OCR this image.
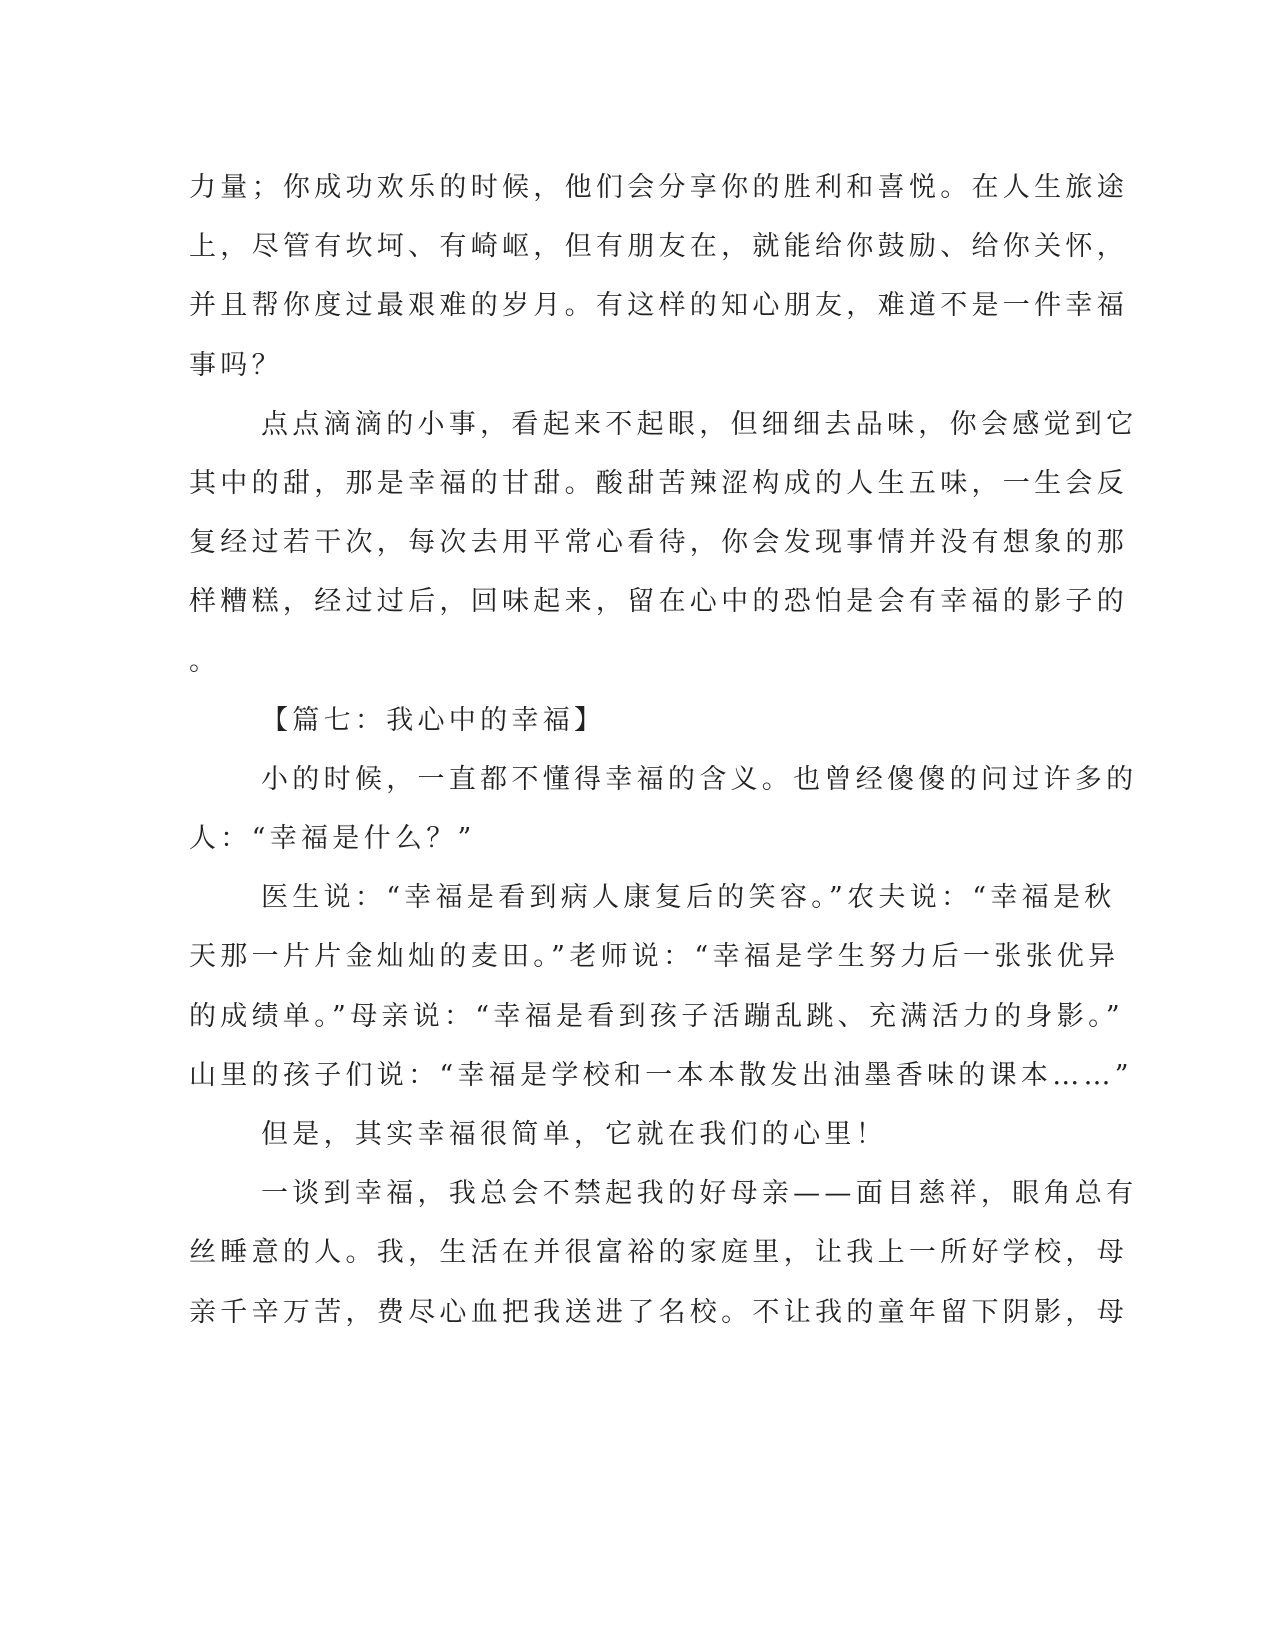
力量；你成功欢乐的时候，他们会分享你的胜利和喜悦。在人生旅途
上，尽管有坎坷、有崎岖，但有朋友在，就能给你鼓励、给你关怀，
并且帮你度过最艰难的岁月。有这样的知心朋友，难道不是一件幸福
事吗？
点点滴滴的小事，看起来不起眼，但细细去品味，你会感觉到它
其中的甜，那是幸福的甘甜。酸甜苦辣涩构成的人生五味，一生会反
复经过若干次，每次去用平常心看待，你会发现事情并没有想象的那
样糟糕，经过过后，回味起来，留在心中的恐怕是会有幸福的影子的
。
【篇七：我心中的幸福】
小的时候，一直都不懂得幸福的含义。也曾经傻傻的问过许多的
人：“幸福是什么？”
医生说：“幸福是看到病人康复后的笑容。”农夫说：“幸福是秋
天那一片片金灿灿的麦田。”老师说：“幸福是学生努力后一张张优异
的成绩单。”母亲说：“幸福是看到孩子活蹦乱跳、充满活力的身影。”
山里的孩子们说：“幸福是学校和一本本散发出油墨香味的课本……”
但是，其实幸福很简单，它就在我们的心里！
一谈到幸福，我总会不禁起我的好母亲——面目慈祥，眼角总有
丝睡意的人。我，生活在并很富裕的家庭里，让我上一所好学校，母
亲千辛万苦，费尽心血把我送进了名校。不让我的童年留下阴影，母
